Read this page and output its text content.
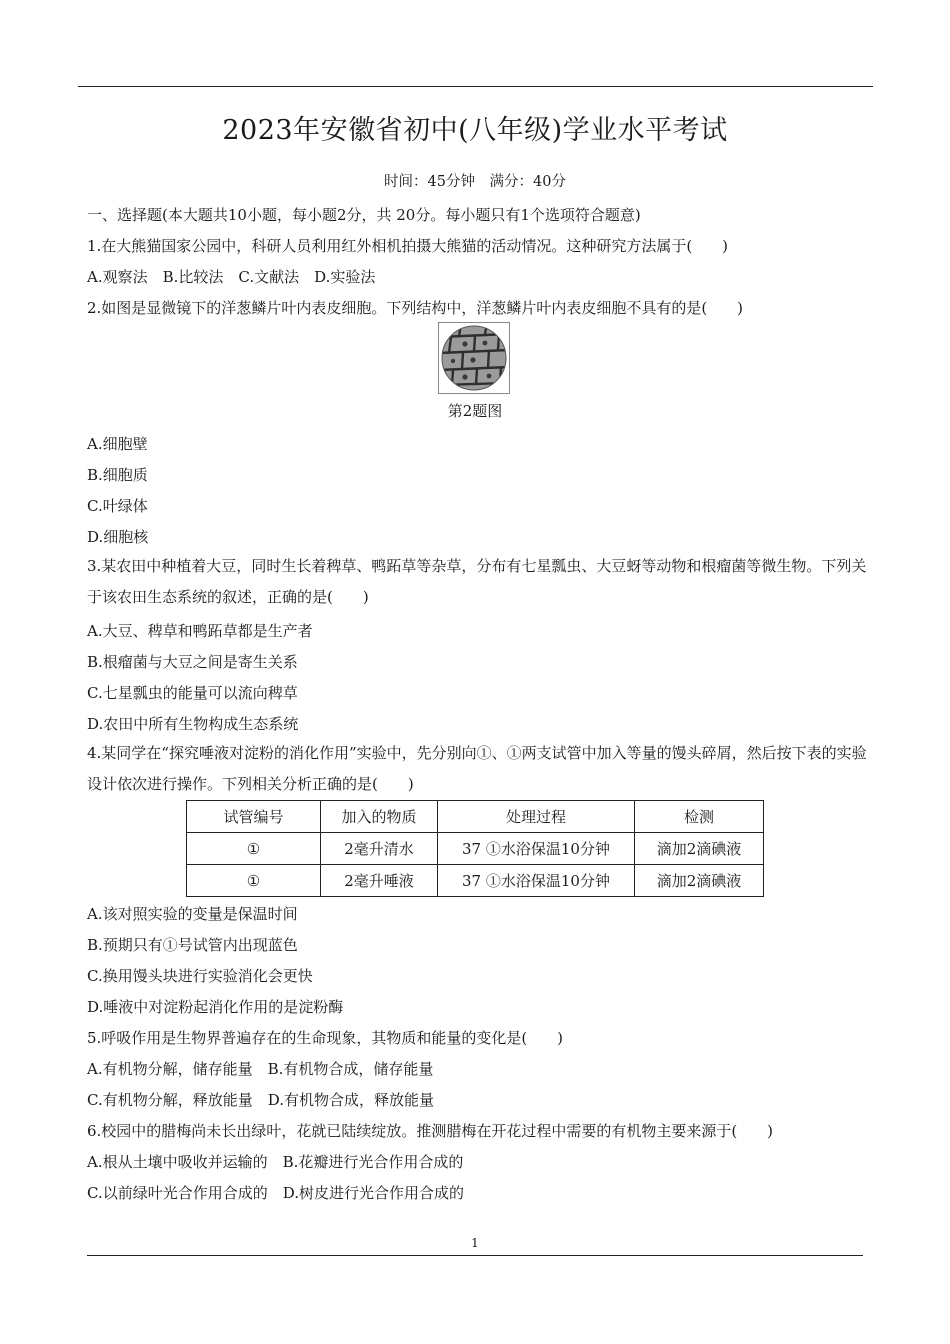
2023年安徽省初中(八年级)学业水平考试
时间：45分钟　满分：40分
一、选择题(本大题共10小题，每小题2分，共 20分。每小题只有1个选项符合题意)
1.在大熊猫国家公园中，科研人员利用红外相机拍摄大熊猫的活动情况。这种研究方法属于(　　)
A.观察法　B.比较法　C.文献法　D.实验法
2.如图是显微镜下的洋葱鳞片叶内表皮细胞。下列结构中，洋葱鳞片叶内表皮细胞不具有的是(　　)
第2题图
A.细胞壁
B.细胞质
C.叶绿体
D.细胞核
3.某农田中种植着大豆，同时生长着稗草、鸭跖草等杂草，分布有七星瓢虫、大豆蚜等动物和根瘤菌等微生物。下列关于该农田生态系统的叙述，正确的是(　　)
A.大豆、稗草和鸭跖草都是生产者
B.根瘤菌与大豆之间是寄生关系
C.七星瓢虫的能量可以流向稗草
D.农田中所有生物构成生态系统
4.某同学在“探究唾液对淀粉的消化作用”实验中，先分别向①、①两支试管中加入等量的馒头碎屑，然后按下表的实验设计依次进行操作。下列相关分析正确的是(　　)
试管编号	加入的物质	处理过程	检测
①	2毫升清水	37 ①水浴保温10分钟	滴加2滴碘液
①	2毫升唾液	37 ①水浴保温10分钟	滴加2滴碘液
A.该对照实验的变量是保温时间
B.预期只有①号试管内出现蓝色
C.换用馒头块进行实验消化会更快
D.唾液中对淀粉起消化作用的是淀粉酶
5.呼吸作用是生物界普遍存在的生命现象，其物质和能量的变化是(　　)
A.有机物分解，储存能量　B.有机物合成，储存能量
C.有机物分解，释放能量　D.有机物合成，释放能量
6.校园中的腊梅尚未长出绿叶，花就已陆续绽放。推测腊梅在开花过程中需要的有机物主要来源于(　　)
A.根从土壤中吸收并运输的　B.花瓣进行光合作用合成的
C.以前绿叶光合作用合成的　D.树皮进行光合作用合成的
1
